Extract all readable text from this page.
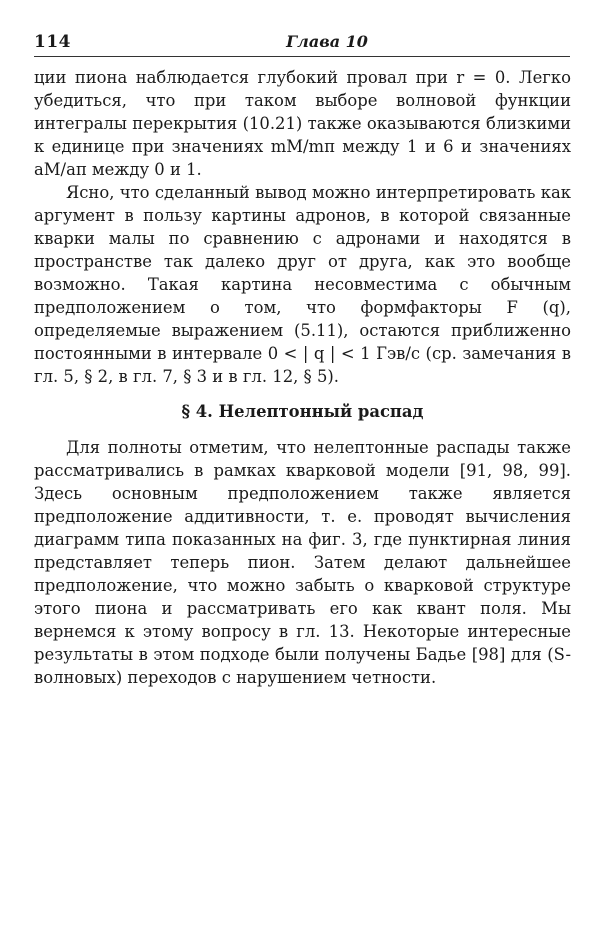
114	Глава 10

ции пиона наблюдается глубокий провал при r = 0. Легко убедиться, что при таком выборе волновой функции интегралы перекрытия (10.21) также оказываются близкими к единице при значениях mM/mπ между 1 и 6 и значениях aM/aπ между 0 и 1.

Ясно, что сделанный вывод можно интерпретировать как аргумент в пользу картины адронов, в которой связанные кварки малы по сравнению с адронами и находятся в пространстве так далеко друг от друга, как это вообще возможно. Такая картина несовместима с обычным предположением о том, что формфакторы F (q), определяемые выражением (5.11), остаются приближенно постоянными в интервале 0 < | q | < 1 Гэв/c (ср. замечания в гл. 5, § 2, в гл. 7, § 3 и в гл. 12, § 5).

§ 4. Нелептонный распад

Для полноты отметим, что нелептонные распады также рассматривались в рамках кварковой модели [91, 98, 99]. Здесь основным предположением также является предположение аддитивности, т. е. проводят вычисления диаграмм типа показанных на фиг. 3, где пунктирная линия представляет теперь пион. Затем делают дальнейшее предположение, что можно забыть о кварковой структуре этого пиона и рассматривать его как квант поля. Мы вернемся к этому вопросу в гл. 13. Некоторые интересные результаты в этом подходе были получены Бадье [98] для (S-волновых) переходов с нарушением четности.
